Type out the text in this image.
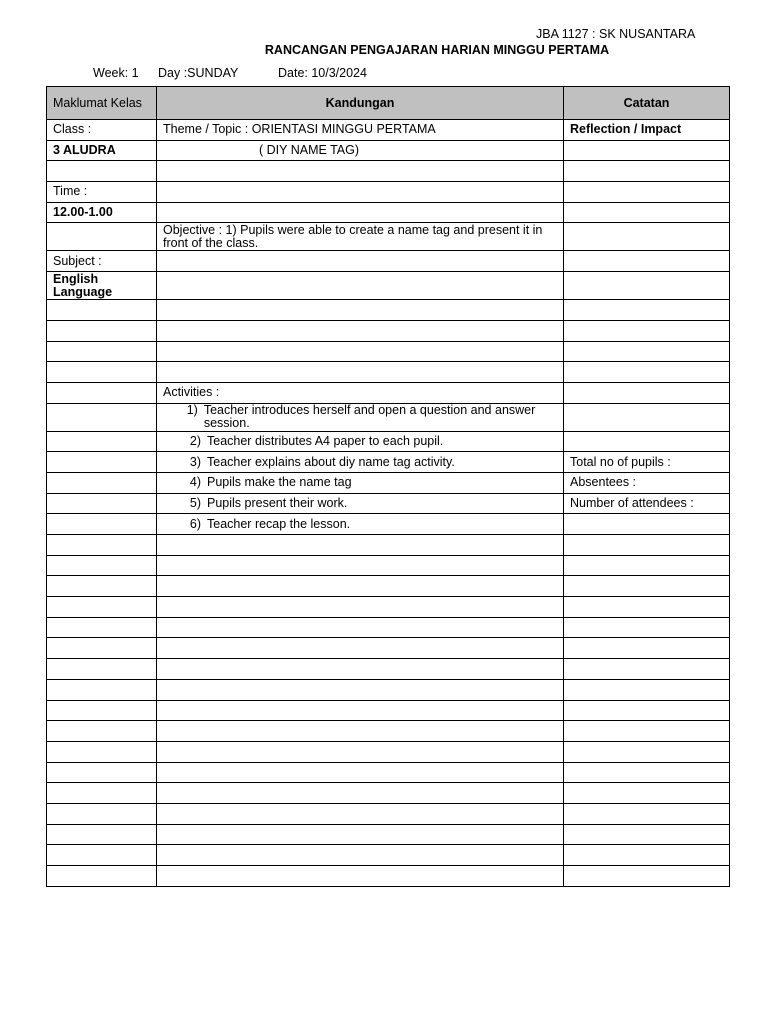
JBA 1127 : SK NUSANTARA
RANCANGAN PENGAJARAN HARIAN MINGGU PERTAMA
Week: 1 Day :SUNDAY	Date: 10/3/2024
Maklumat Kelas	Kandungan	Catatan
Class :	Theme / Topic : ORIENTASI MINGGU PERTAMA	Reflection / Impact
3 ALUDRA	( DIY NAME TAG)	

Time :		
12.00-1.00		
	Objective : 1) Pupils were able to create a name tag and present it in front of the class.	
Subject :		
English Language		

	Activities :	

	1) Teacher introduces herself and open a question and answer session.	

	2) Teacher distributes A4 paper to each pupil.	
	3) Teacher explains about diy name tag activity.	Total no of pupils :
	4) Pupils make the name tag	Absentees :
	5) Pupils present their work.	Number of attendees :
	6) Teacher recap the lesson.	
